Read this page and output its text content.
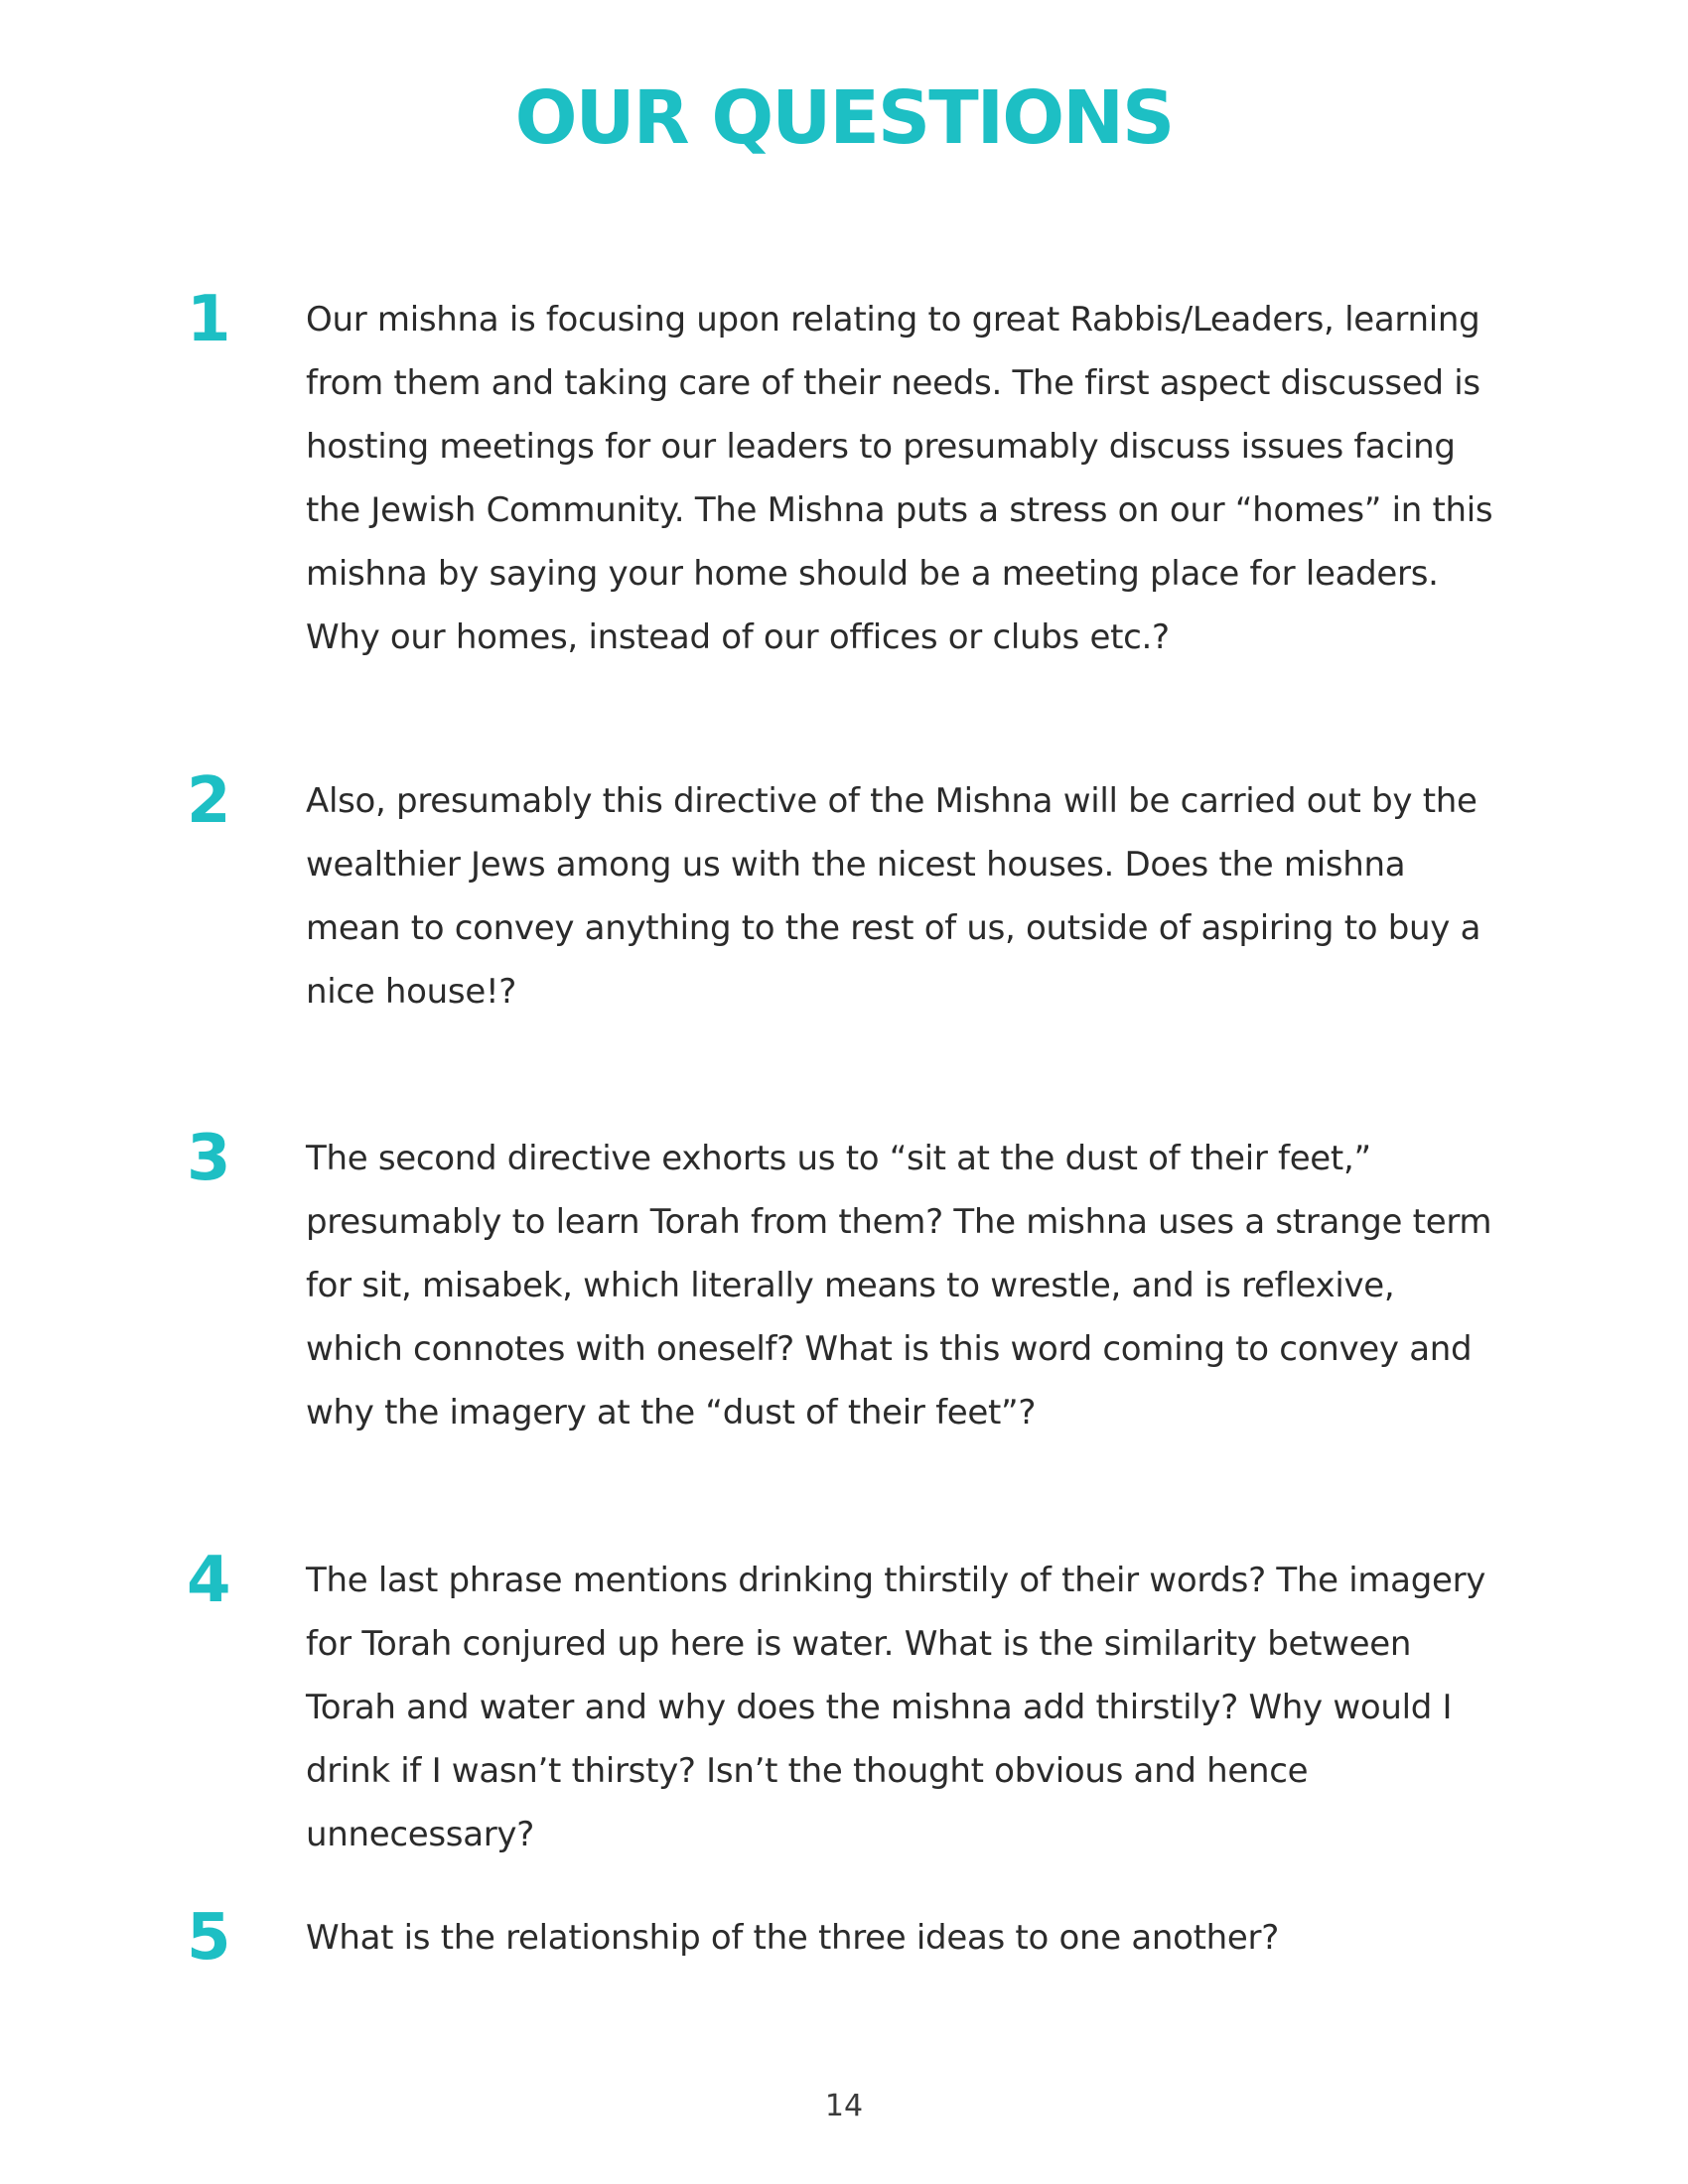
OUR QUESTIONS
1 Our mishna is focusing upon relating to great Rabbis/Leaders, learning from them and taking care of their needs. The first aspect discussed is hosting meetings for our leaders to presumably discuss issues facing the Jewish Community. The Mishna puts a stress on our “homes” in this mishna by saying your home should be a meeting place for leaders. Why our homes, instead of our offices or clubs etc.?

2 Also, presumably this directive of the Mishna will be carried out by the wealthier Jews among us with the nicest houses. Does the mishna mean to convey anything to the rest of us, outside of aspiring to buy a nice house!?

3 The second directive exhorts us to “sit at the dust of their feet,” presumably to learn Torah from them? The mishna uses a strange term for sit, misabek, which literally means to wrestle, and is reflexive, which connotes with oneself? What is this word coming to convey and why the imagery at the “dust of their feet”?

4 The last phrase mentions drinking thirstily of their words? The imagery for Torah conjured up here is water. What is the similarity between Torah and water and why does the mishna add thirstily? Why would I drink if I wasn’t thirsty? Isn’t the thought obvious and hence unnecessary?

5 What is the relationship of the three ideas to one another?

14
